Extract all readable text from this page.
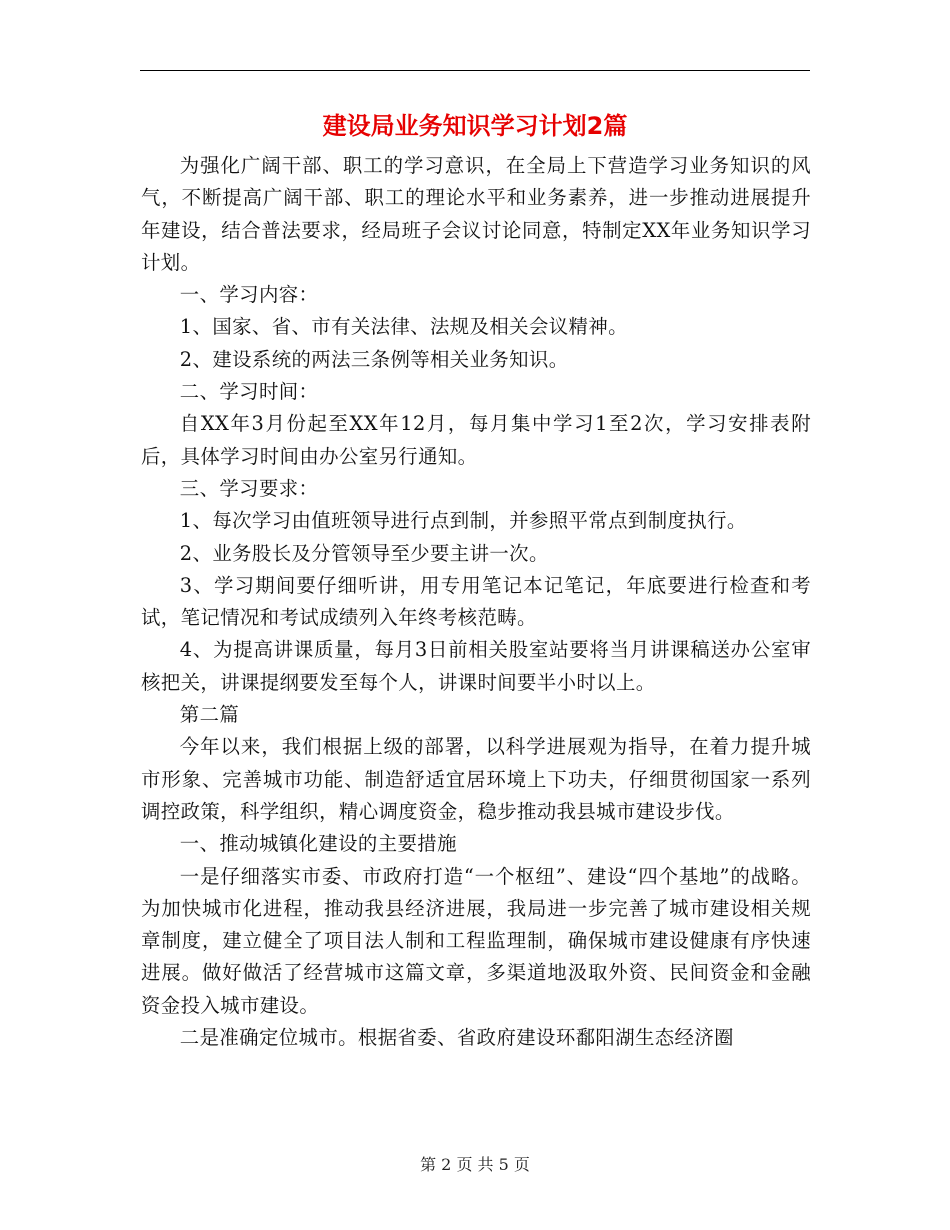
建设局业务知识学习计划2篇

为强化广阔干部、职工的学习意识，在全局上下营造学习业务知识的风气，不断提高广阔干部、职工的理论水平和业务素养，进一步推动进展提升年建设，结合普法要求，经局班子会议讨论同意，特制定XX年业务知识学习计划。

一、学习内容：

1、国家、省、市有关法律、法规及相关会议精神。

2、建设系统的两法三条例等相关业务知识。

二、学习时间：

自XX年3月份起至XX年12月，每月集中学习1至2次，学习安排表附后，具体学习时间由办公室另行通知。

三、学习要求：

1、每次学习由值班领导进行点到制，并参照平常点到制度执行。

2、业务股长及分管领导至少要主讲一次。

3、学习期间要仔细听讲，用专用笔记本记笔记，年底要进行检查和考试，笔记情况和考试成绩列入年终考核范畴。

4、为提高讲课质量，每月3日前相关股室站要将当月讲课稿送办公室审核把关，讲课提纲要发至每个人，讲课时间要半小时以上。

第二篇

今年以来，我们根据上级的部署，以科学进展观为指导，在着力提升城市形象、完善城市功能、制造舒适宜居环境上下功夫，仔细贯彻国家一系列调控政策，科学组织，精心调度资金，稳步推动我县城市建设步伐。

一、推动城镇化建设的主要措施

一是仔细落实市委、市政府打造“一个枢纽”、建设“四个基地”的战略。为加快城市化进程，推动我县经济进展，我局进一步完善了城市建设相关规章制度，建立健全了项目法人制和工程监理制，确保城市建设健康有序快速进展。做好做活了经营城市这篇文章，多渠道地汲取外资、民间资金和金融资金投入城市建设。

二是准确定位城市。根据省委、省政府建设环鄱阳湖生态经济圈

第 2 页 共 5 页
